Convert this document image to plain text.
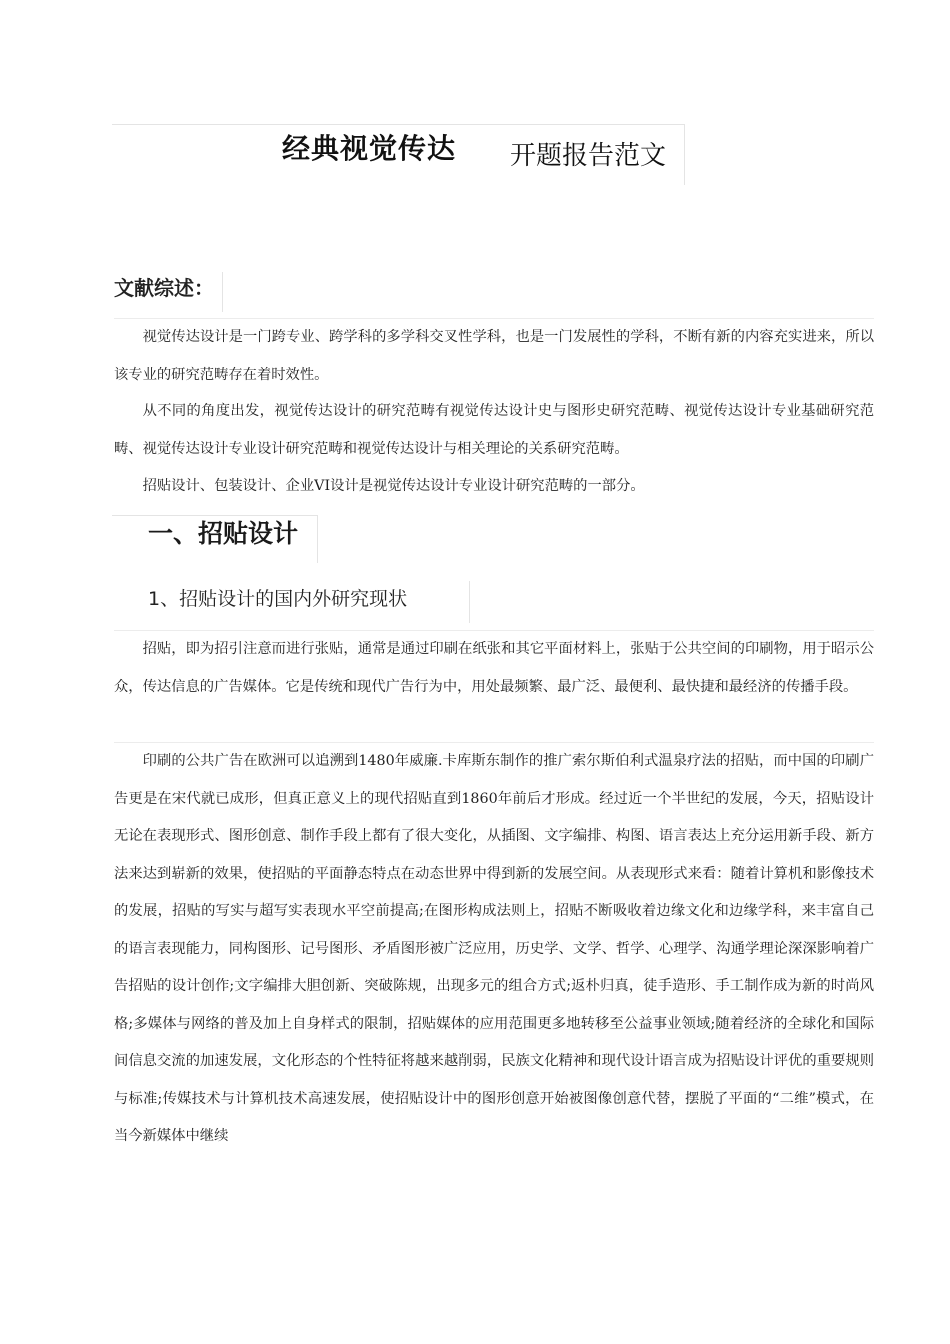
经典视觉传达 开题报告范文
文献综述：

视觉传达设计是一门跨专业、跨学科的多学科交叉性学科，也是一门发展性的学科，不断有新的内容充实进来，所以该专业的研究范畴存在着时效性。

从不同的角度出发，视觉传达设计的研究范畴有视觉传达设计史与图形史研究范畴、视觉传达设计专业基础研究范畴、视觉传达设计专业设计研究范畴和视觉传达设计与相关理论的关系研究范畴。

招贴设计、包装设计、企业VI设计是视觉传达设计专业设计研究范畴的一部分。

一、招贴设计
1、招贴设计的国内外研究现状

招贴，即为招引注意而进行张贴，通常是通过印刷在纸张和其它平面材料上，张贴于公共空间的印刷物，用于昭示公众，传达信息的广告媒体。它是传统和现代广告行为中，用处最频繁、最广泛、最便利、最快捷和最经济的传播手段。

印刷的公共广告在欧洲可以追溯到1480年威廉.卡库斯东制作的推广索尔斯伯利式温泉疗法的招贴，而中国的印刷广告更是在宋代就已成形，但真正意义上的现代招贴直到1860年前后才形成。经过近一个半世纪的发展，今天，招贴设计无论在表现形式、图形创意、制作手段上都有了很大变化，从插图、文字编排、构图、语言表达上充分运用新手段、新方法来达到崭新的效果，使招贴的平面静态特点在动态世界中得到新的发展空间。从表现形式来看：随着计算机和影像技术的发展，招贴的写实与超写实表现水平空前提高;在图形构成法则上，招贴不断吸收着边缘文化和边缘学科，来丰富自己的语言表现能力，同构图形、记号图形、矛盾图形被广泛应用，历史学、文学、哲学、心理学、沟通学理论深深影响着广告招贴的设计创作;文字编排大胆创新、突破陈规，出现多元的组合方式;返朴归真，徒手造形、手工制作成为新的时尚风格;多媒体与网络的普及加上自身样式的限制，招贴媒体的应用范围更多地转移至公益事业领域;随着经济的全球化和国际间信息交流的加速发展，文化形态的个性特征将越来越削弱，民族文化精神和现代设计语言成为招贴设计评优的重要规则与标准;传媒技术与计算机技术高速发展，使招贴设计中的图形创意开始被图像创意代替，摆脱了平面的“二维”模式，在当今新媒体中继续
